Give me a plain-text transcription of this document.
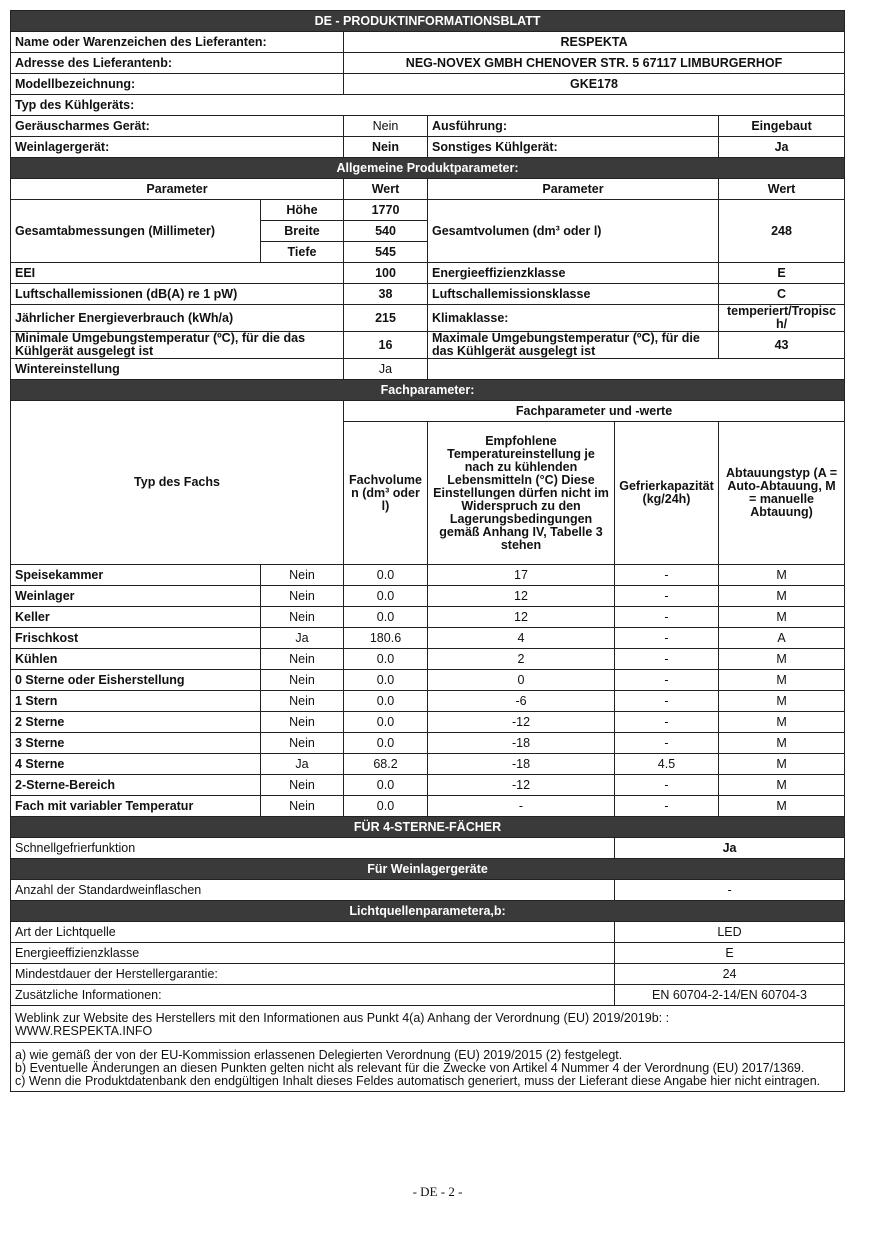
DE - PRODUKTINFORMATIONSBLATT					
Name oder Warenzeichen des Lieferanten:		RESPEKTA			
Adresse des Lieferantenb:		NEG-NOVEX GMBH CHENOVER STR. 5 67117 LIMBURGERHOF			
Modellbezeichnung:		GKE178			
Typ des Kühlgeräts:					
Geräuscharmes Gerät:		Nein	Ausführung:		Eingebaut
Weinlagergerät:		Nein	Sonstiges Kühlgerät:		Ja
Allgemeine Produktparameter:					
Parameter		Wert	Parameter		Wert
Gesamtabmessungen (Millimeter)	Höhe	1770	Gesamtvolumen (dm³ oder l)		248
	Breite	540			
	Tiefe	545			
EEI		100	Energieeffizienzklasse		E
Luftschallemissionen (dB(A) re 1 pW)		38	Luftschallemissionsklasse		C
Jährlicher Energieverbrauch (kWh/a)		215	Klimaklasse:		temperiert/Tropisch/
Minimale Umgebungstemperatur (ºC), für die das Kühlgerät ausgelegt ist		16	Maximale Umgebungstemperatur (ºC), für die das Kühlgerät ausgelegt ist		43
Wintereinstellung		Ja			
Fachparameter:					
Typ des Fachs		Fachparameter und -werte			
		Fachvolumen (dm³ oder l)	Empfohlene Temperatureinstellung je nach zu kühlenden Lebensmitteln (°C) Diese Einstellungen dürfen nicht im Widerspruch zu den Lagerungsbedingungen gemäß Anhang IV, Tabelle 3 stehen	Gefrierkapazität (kg/24h)	Abtauungstyp (A = Auto-Abtauung, M = manuelle Abtauung)
Speisekammer	Nein	0.0	17	-	M
Weinlager	Nein	0.0	12	-	M
Keller	Nein	0.0	12	-	M
Frischkost	Ja	180.6	4	-	A
Kühlen	Nein	0.0	2	-	M
0 Sterne oder Eisherstellung	Nein	0.0	0	-	M
1 Stern	Nein	0.0	-6	-	M
2 Sterne	Nein	0.0	-12	-	M
3 Sterne	Nein	0.0	-18	-	M
4 Sterne	Ja	68.2	-18	4.5	M
2-Sterne-Bereich	Nein	0.0	-12	-	M
Fach mit variabler Temperatur	Nein	0.0	-	-	M
FÜR 4-STERNE-FÄCHER					
Schnellgefrierfunktion				Ja	
Für Weinlagergeräte					
Anzahl der Standardweinflaschen				-	
Lichtquellenparametera,b:					
Art der Lichtquelle				LED	
Energieeffizienzklasse				E	
Mindestdauer der Herstellergarantie:				24	
Zusätzliche Informationen:				EN 60704-2-14/EN 60704-3	

Weblink zur Website des Herstellers mit den Informationen aus Punkt 4(a) Anhang der Verordnung (EU) 2019/2019b: :
WWW.RESPEKTA.INFO					

a) wie gemäß der von der EU-Kommission erlassenen Delegierten Verordnung (EU) 2019/2015 (2) festgelegt.
b) Eventuelle Änderungen an diesen Punkten gelten nicht als relevant für die Zwecke von Artikel 4 Nummer 4 der Verordnung (EU) 2017/1369.
c) Wenn die Produktdatenbank den endgültigen Inhalt dieses Feldes automatisch generiert, muss der Lieferant diese Angabe hier nicht eintragen.					
- DE - 2 -
